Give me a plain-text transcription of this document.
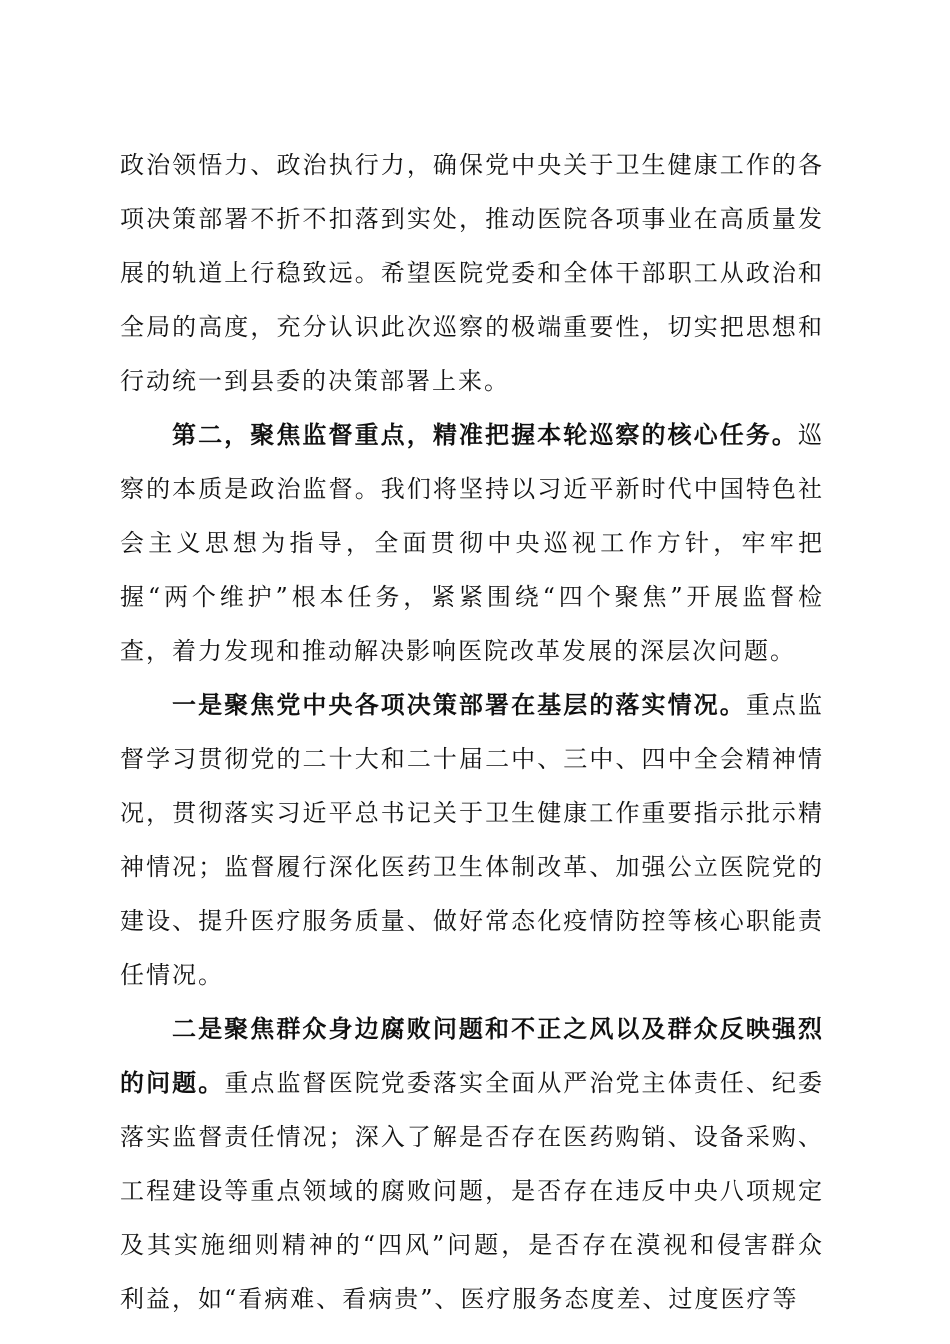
政治领悟力、政治执行力，确保党中央关于卫生健康工作的各项决策部署不折不扣落到实处，推动医院各项事业在高质量发展的轨道上行稳致远。希望医院党委和全体干部职工从政治和全局的高度，充分认识此次巡察的极端重要性，切实把思想和行动统一到县委的决策部署上来。

第二，聚焦监督重点，精准把握本轮巡察的核心任务。巡察的本质是政治监督。我们将坚持以习近平新时代中国特色社会主义思想为指导，全面贯彻中央巡视工作方针，牢牢把握“两个维护”根本任务，紧紧围绕“四个聚焦”开展监督检查，着力发现和推动解决影响医院改革发展的深层次问题。

一是聚焦党中央各项决策部署在基层的落实情况。重点监督学习贯彻党的二十大和二十届二中、三中、四中全会精神情况，贯彻落实习近平总书记关于卫生健康工作重要指示批示精神情况；监督履行深化医药卫生体制改革、加强公立医院党的建设、提升医疗服务质量、做好常态化疫情防控等核心职能责任情况。

二是聚焦群众身边腐败问题和不正之风以及群众反映强烈的问题。重点监督医院党委落实全面从严治党主体责任、纪委落实监督责任情况；深入了解是否存在医药购销、设备采购、工程建设等重点领域的腐败问题，是否存在违反中央八项规定及其实施细则精神的“四风”问题，是否存在漠视和侵害群众利益，如“看病难、看病贵”、医疗服务态度差、过度医疗等
